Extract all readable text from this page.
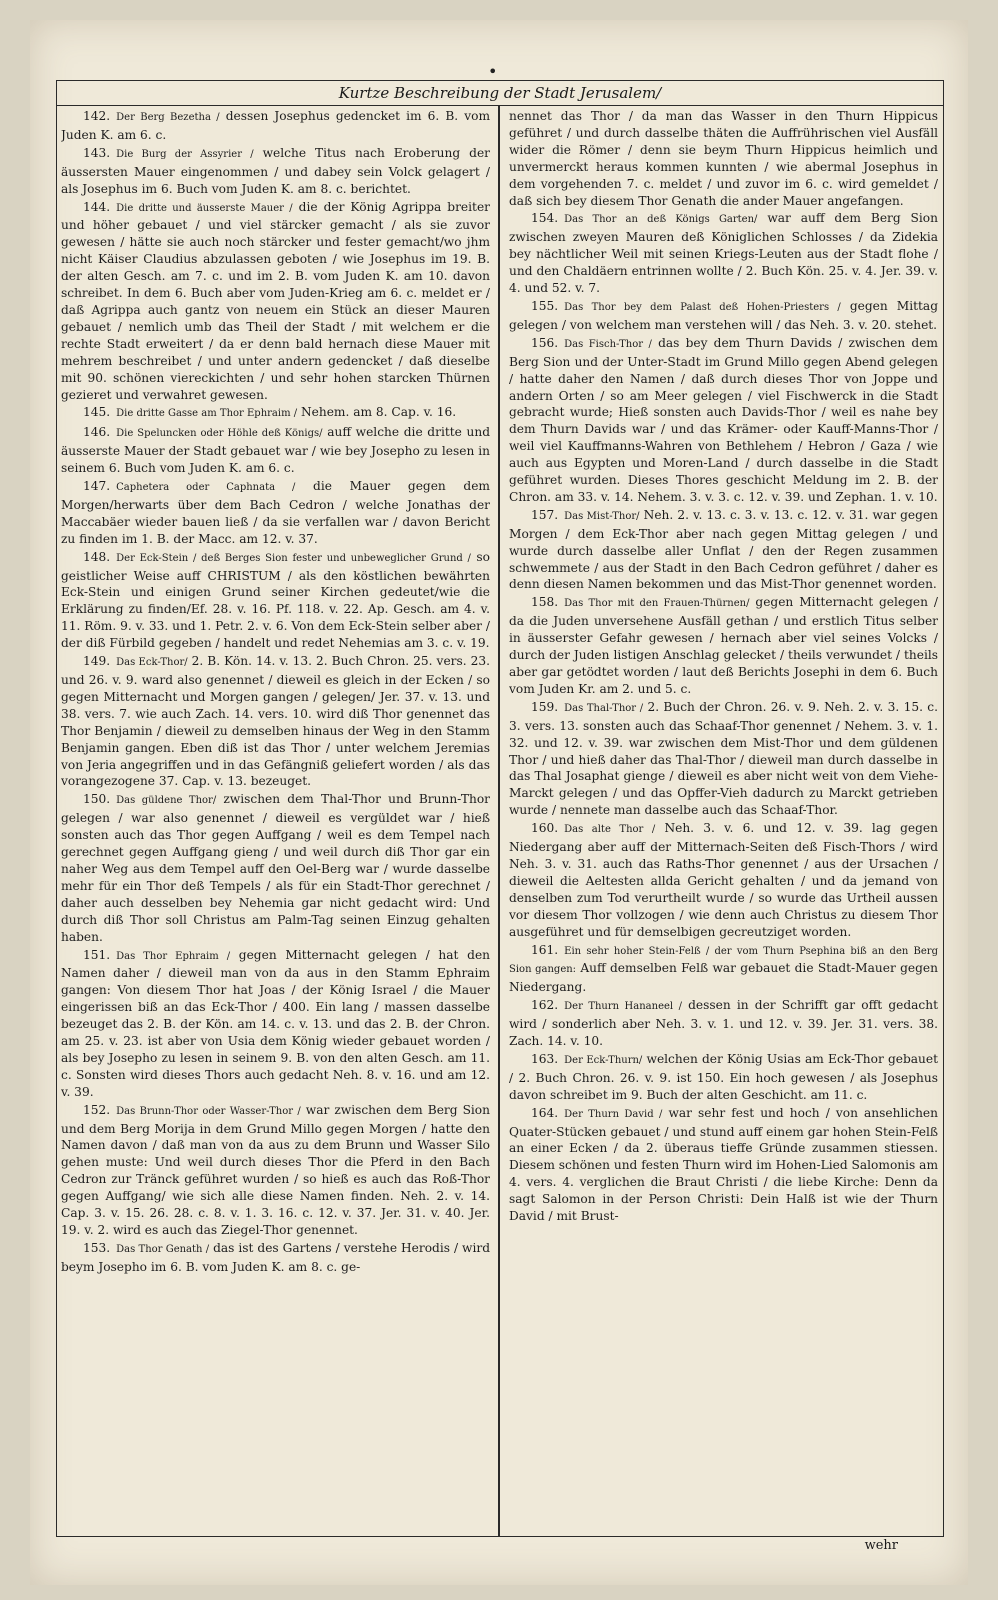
•
Kurtze Beschreibung der Stadt Jerusalem/
142. Der Berg Bezetha / dessen Josephus gedencket im 6. B. vom Juden K. am 6. c.
143. Die Burg der Assyrier / welche Titus nach Eroberung der äussersten Mauer eingenommen / und dabey sein Volck gelagert / als Josephus im 6. Buch vom Juden K. am 8. c. berichtet.
144. Die dritte und äusserste Mauer / die der König Agrippa breiter und höher gebauet / und viel stärcker gemacht / als sie zuvor gewesen / hätte sie auch noch stärcker und fester gemacht/wo jhm nicht Käiser Claudius abzulassen geboten / wie Josephus im 19. B. der alten Gesch. am 7. c. und im 2. B. vom Juden K. am 10. davon schreibet. In dem 6. Buch aber vom Juden-Krieg am 6. c. meldet er / daß Agrippa auch gantz von neuem ein Stück an dieser Mauren gebauet / nemlich umb das Theil der Stadt / mit welchem er die rechte Stadt erweitert / da er denn bald hernach diese Mauer mit mehrem beschreibet / und unter andern gedencket / daß dieselbe mit 90. schönen viereckichten / und sehr hohen starcken Thürnen gezieret und verwahret gewesen.
145. Die dritte Gasse am Thor Ephraim / Nehem. am 8. Cap. v. 16.
146. Die Speluncken oder Höhle deß Königs/ auff welche die dritte und äusserste Mauer der Stadt gebauet war / wie bey Josepho zu lesen in seinem 6. Buch vom Juden K. am 6. c.
147. Caphetera oder Caphnata / die Mauer gegen dem Morgen/herwarts über dem Bach Cedron / welche Jonathas der Maccabäer wieder bauen ließ / da sie verfallen war / davon Bericht zu finden im 1. B. der Macc. am 12. v. 37.
148. Der Eck-Stein / deß Berges Sion fester und unbeweglicher Grund / so geistlicher Weise auff CHRISTUM / als den köstlichen bewährten Eck-Stein und einigen Grund seiner Kirchen gedeutet/wie die Erklärung zu finden/Ef. 28. v. 16. Pf. 118. v. 22. Ap. Gesch. am 4. v. 11. Röm. 9. v. 33. und 1. Petr. 2. v. 6. Von dem Eck-Stein selber aber / der diß Fürbild gegeben / handelt und redet Nehemias am 3. c. v. 19.
149. Das Eck-Thor/ 2. B. Kön. 14. v. 13. 2. Buch Chron. 25. vers. 23. und 26. v. 9. ward also genennet / dieweil es gleich in der Ecken / so gegen Mitternacht und Morgen gangen / gelegen/ Jer. 37. v. 13. und 38. vers. 7. wie auch Zach. 14. vers. 10. wird diß Thor genennet das Thor Benjamin / dieweil zu demselben hinaus der Weg in den Stamm Benjamin gangen. Eben diß ist das Thor / unter welchem Jeremias von Jeria angegriffen und in das Gefängniß geliefert worden / als das vorangezogene 37. Cap. v. 13. bezeuget.
150. Das güldene Thor/ zwischen dem Thal-Thor und Brunn-Thor gelegen / war also genennet / dieweil es vergüldet war / hieß sonsten auch das Thor gegen Auffgang / weil es dem Tempel nach gerechnet gegen Auffgang gieng / und weil durch diß Thor gar ein naher Weg aus dem Tempel auff den Oel-Berg war / wurde dasselbe mehr für ein Thor deß Tempels / als für ein Stadt-Thor gerechnet / daher auch desselben bey Nehemia gar nicht gedacht wird: Und durch diß Thor soll Christus am Palm-Tag seinen Einzug gehalten haben.
151. Das Thor Ephraim / gegen Mitternacht gelegen / hat den Namen daher / dieweil man von da aus in den Stamm Ephraim gangen: Von diesem Thor hat Joas / der König Israel / die Mauer eingerissen biß an das Eck-Thor / 400. Ein lang / massen dasselbe bezeuget das 2. B. der Kön. am 14. c. v. 13. und das 2. B. der Chron. am 25. v. 23. ist aber von Usia dem König wieder gebauet worden / als bey Josepho zu lesen in seinem 9. B. von den alten Gesch. am 11. c. Sonsten wird dieses Thors auch gedacht Neh. 8. v. 16. und am 12. v. 39.
152. Das Brunn-Thor oder Wasser-Thor / war zwischen dem Berg Sion und dem Berg Morija in dem Grund Millo gegen Morgen / hatte den Namen davon / daß man von da aus zu dem Brunn und Wasser Silo gehen muste: Und weil durch dieses Thor die Pferd in den Bach Cedron zur Tränck geführet wurden / so hieß es auch das Roß-Thor gegen Auffgang/ wie sich alle diese Namen finden. Neh. 2. v. 14. Cap. 3. v. 15. 26. 28. c. 8. v. 1. 3. 16. c. 12. v. 37. Jer. 31. v. 40. Jer. 19. v. 2. wird es auch das Ziegel-Thor genennet.
153. Das Thor Genath / das ist des Gartens / verstehe Herodis / wird beym Josepho im 6. B. vom Juden K. am 8. c. ge-
nennet das Thor / da man das Wasser in den Thurn Hippicus geführet / und durch dasselbe thäten die Auffrührischen viel Ausfäll wider die Römer / denn sie beym Thurn Hippicus heimlich und unvermerckt heraus kommen kunnten / wie abermal Josephus in dem vorgehenden 7. c. meldet / und zuvor im 6. c. wird gemeldet / daß sich bey diesem Thor Genath die ander Mauer angefangen.
154. Das Thor an deß Königs Garten/ war auff dem Berg Sion zwischen zweyen Mauren deß Königlichen Schlosses / da Zidekia bey nächtlicher Weil mit seinen Kriegs-Leuten aus der Stadt flohe / und den Chaldäern entrinnen wollte / 2. Buch Kön. 25. v. 4. Jer. 39. v. 4. und 52. v. 7.
155. Das Thor bey dem Palast deß Hohen-Priesters / gegen Mittag gelegen / von welchem man verstehen will / das Neh. 3. v. 20. stehet.
156. Das Fisch-Thor / das bey dem Thurn Davids / zwischen dem Berg Sion und der Unter-Stadt im Grund Millo gegen Abend gelegen / hatte daher den Namen / daß durch dieses Thor von Joppe und andern Orten / so am Meer gelegen / viel Fischwerck in die Stadt gebracht wurde; Hieß sonsten auch Davids-Thor / weil es nahe bey dem Thurn Davids war / und das Krämer- oder Kauff-Manns-Thor / weil viel Kauffmanns-Wahren von Bethlehem / Hebron / Gaza / wie auch aus Egypten und Moren-Land / durch dasselbe in die Stadt geführet wurden. Dieses Thores geschicht Meldung im 2. B. der Chron. am 33. v. 14. Nehem. 3. v. 3. c. 12. v. 39. und Zephan. 1. v. 10.
157. Das Mist-Thor/ Neh. 2. v. 13. c. 3. v. 13. c. 12. v. 31. war gegen Morgen / dem Eck-Thor aber nach gegen Mittag gelegen / und wurde durch dasselbe aller Unflat / den der Regen zusammen schwemmete / aus der Stadt in den Bach Cedron geführet / daher es denn diesen Namen bekommen und das Mist-Thor genennet worden.
158. Das Thor mit den Frauen-Thürnen/ gegen Mitternacht gelegen / da die Juden unversehene Ausfäll gethan / und erstlich Titus selber in äusserster Gefahr gewesen / hernach aber viel seines Volcks / durch der Juden listigen Anschlag gelecket / theils verwundet / theils aber gar getödtet worden / laut deß Berichts Josephi in dem 6. Buch vom Juden Kr. am 2. und 5. c.
159. Das Thal-Thor / 2. Buch der Chron. 26. v. 9. Neh. 2. v. 3. 15. c. 3. vers. 13. sonsten auch das Schaaf-Thor genennet / Nehem. 3. v. 1. 32. und 12. v. 39. war zwischen dem Mist-Thor und dem güldenen Thor / und hieß daher das Thal-Thor / dieweil man durch dasselbe in das Thal Josaphat gienge / dieweil es aber nicht weit von dem Viehe-Marckt gelegen / und das Opffer-Vieh dadurch zu Marckt getrieben wurde / nennete man dasselbe auch das Schaaf-Thor.
160. Das alte Thor / Neh. 3. v. 6. und 12. v. 39. lag gegen Niedergang aber auff der Mitternach-Seiten deß Fisch-Thors / wird Neh. 3. v. 31. auch das Raths-Thor genennet / aus der Ursachen / dieweil die Aeltesten allda Gericht gehalten / und da jemand von denselben zum Tod verurtheilt wurde / so wurde das Urtheil aussen vor diesem Thor vollzogen / wie denn auch Christus zu diesem Thor ausgeführet und für demselbigen gecreutziget worden.
161. Ein sehr hoher Stein-Felß / der vom Thurn Psephina biß an den Berg Sion gangen: Auff demselben Felß war gebauet die Stadt-Mauer gegen Niedergang.
162. Der Thurn Hananeel / dessen in der Schrifft gar offt gedacht wird / sonderlich aber Neh. 3. v. 1. und 12. v. 39. Jer. 31. vers. 38. Zach. 14. v. 10.
163. Der Eck-Thurn/ welchen der König Usias am Eck-Thor gebauet / 2. Buch Chron. 26. v. 9. ist 150. Ein hoch gewesen / als Josephus davon schreibet im 9. Buch der alten Geschicht. am 11. c.
164. Der Thurn David / war sehr fest und hoch / von ansehlichen Quater-Stücken gebauet / und stund auff einem gar hohen Stein-Felß an einer Ecken / da 2. überaus tieffe Gründe zusammen stiessen. Diesem schönen und festen Thurn wird im Hohen-Lied Salomonis am 4. vers. 4. verglichen die Braut Christi / die liebe Kirche: Denn da sagt Salomon in der Person Christi: Dein Halß ist wie der Thurn David / mit Brust-
wehr
